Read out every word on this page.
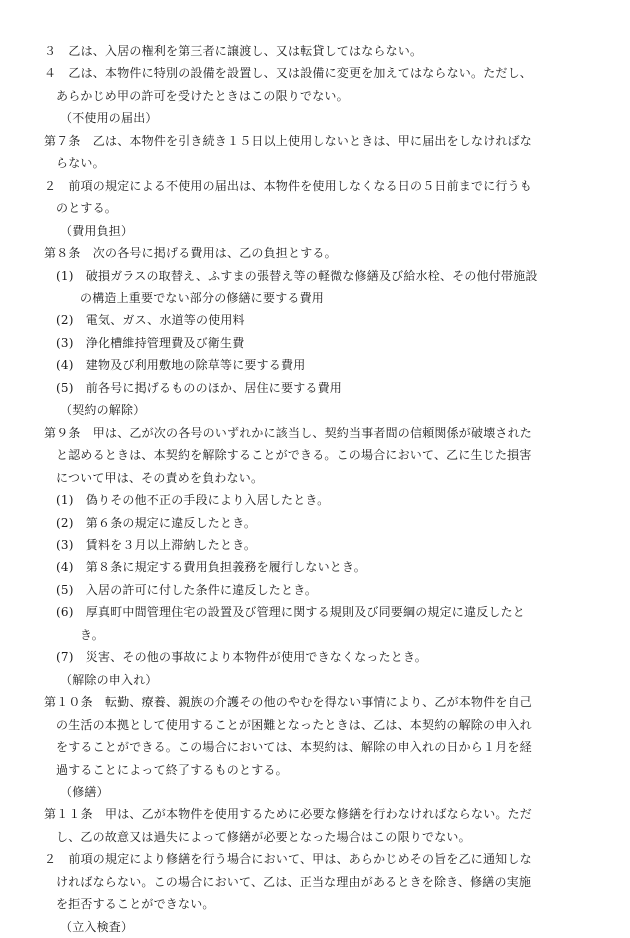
３　乙は、入居の権利を第三者に譲渡し、又は転貸してはならない。
４　乙は、本物件に特別の設備を設置し、又は設備に変更を加えてはならない。ただし、
あらかじめ甲の許可を受けたときはこの限りでない。
（不使用の届出）
第７条　乙は、本物件を引き続き１５日以上使用しないときは、甲に届出をしなければな
らない。
２　前項の規定による不使用の届出は、本物件を使用しなくなる日の５日前までに行うも
のとする。
（費用負担）
第８条　次の各号に掲げる費用は、乙の負担とする。
(1)　破損ガラスの取替え、ふすまの張替え等の軽微な修繕及び給水栓、その他付帯施設
の構造上重要でない部分の修繕に要する費用
(2)　電気、ガス、水道等の使用料
(3)　浄化槽維持管理費及び衛生費
(4)　建物及び利用敷地の除草等に要する費用
(5)　前各号に掲げるもののほか、居住に要する費用
（契約の解除）
第９条　甲は、乙が次の各号のいずれかに該当し、契約当事者間の信頼関係が破壊された
と認めるときは、本契約を解除することができる。この場合において、乙に生じた損害
について甲は、その責めを負わない。
(1)　偽りその他不正の手段により入居したとき。
(2)　第６条の規定に違反したとき。
(3)　賃料を３月以上滞納したとき。
(4)　第８条に規定する費用負担義務を履行しないとき。
(5)　入居の許可に付した条件に違反したとき。
(6)　厚真町中間管理住宅の設置及び管理に関する規則及び同要綱の規定に違反したと
き。
(7)　災害、その他の事故により本物件が使用できなくなったとき。
（解除の申入れ）
第１０条　転勤、療養、親族の介護その他のやむを得ない事情により、乙が本物件を自己
の生活の本拠として使用することが困難となったときは、乙は、本契約の解除の申入れ
をすることができる。この場合においては、本契約は、解除の申入れの日から１月を経
過することによって終了するものとする。
（修繕）
第１１条　甲は、乙が本物件を使用するために必要な修繕を行わなければならない。ただ
し、乙の故意又は過失によって修繕が必要となった場合はこの限りでない。
２　前項の規定により修繕を行う場合において、甲は、あらかじめその旨を乙に通知しな
ければならない。この場合において、乙は、正当な理由があるときを除き、修繕の実施
を拒否することができない。
（立入検査）
